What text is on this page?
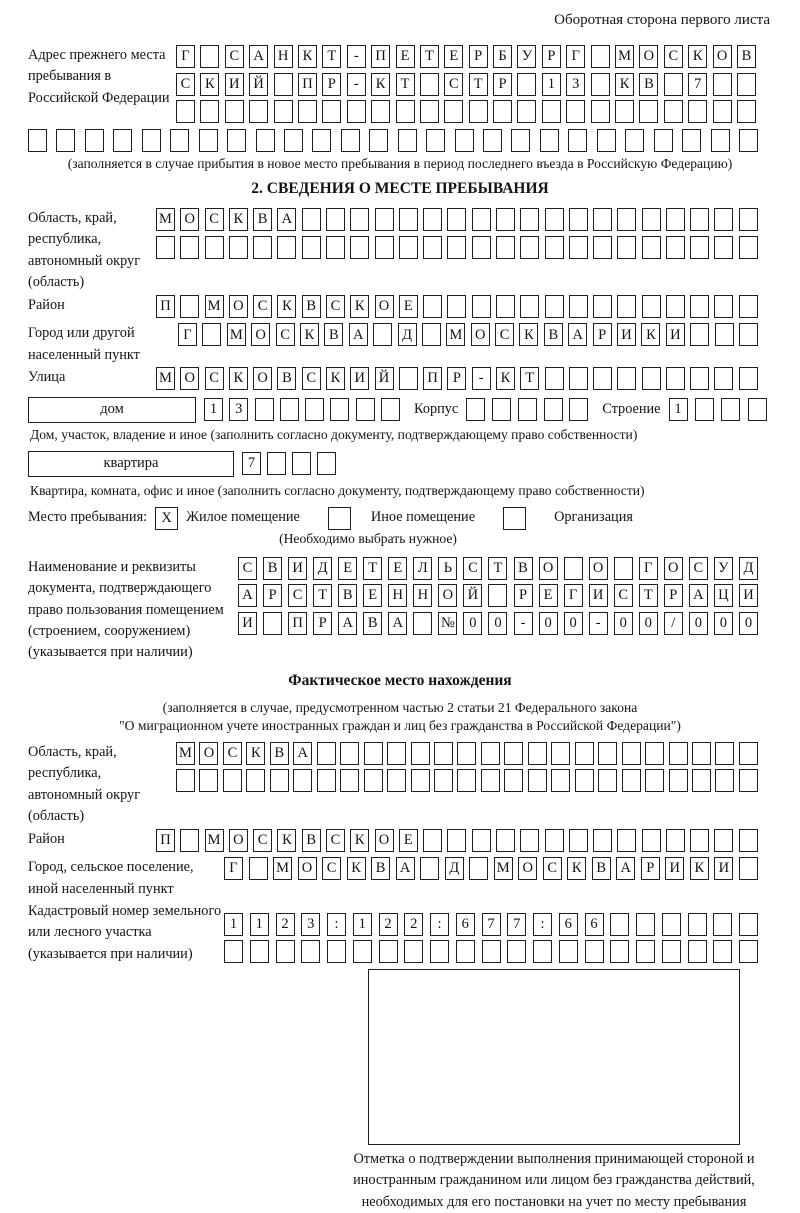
Оборотная сторона первого листа
Адрес прежнего места пребывания в Российской Федерации
Г	С А Н К	Т	-	П	Е	Т	Е	Р	Б	У	Р	Г	М О С	К О В
С	К И Й	П	Р	-	К	Т	С	Т	Р	1	3	К	В	7
(заполняется в случае прибытия в новое место пребывания в период последнего въезда в Российскую Федерацию)
2. СВЕДЕНИЯ О МЕСТЕ ПРЕБЫВАНИЯ
Область, край, республика, автономный округ (область)
М О С	К	В А
Район	П	М О С	К	В	С	К О	Е
Город или другой населенный пункт
Г	М О С	К	В А	Д	М О С	К	В А	Р	И К И
Улица	М О С	К О В	С	К И Й	П	Р	-	К	Т
дом	1	3	Корпус	Строение 1
Дом, участок, владение и иное (заполнить согласно документу, подтверждающему право собственности)
квартира	7
Квартира, комната, офис и иное (заполнить согласно документу, подтверждающему право собственности)
Место пребывания: X Жилое помещение	Иное помещение	Организация
(Необходимо выбрать нужное)
Наименование и реквизиты документа, подтверждающего право пользования помещением (строением, сооружением) (указывается при наличии)
С	В	И	Д	Е	Т	Е	Л	Ь	С	Т	В	О	О	Г	О	С	У	Д
А	Р	С	Т	В	Е	Н Н О Й	Р	Е	Г	И	С	Т	Р	А Ц И
И	П	Р	А	В	А	№	0	0	-	0	0	-	0	0	/	0	0	0
Фактическое место нахождения
(заполняется в случае, предусмотренном частью 2 статьи 21 Федерального закона
"О миграционном учете иностранных граждан и лиц без гражданства в Российской Федерации")
Область, край, республика, автономный округ (область)
М О С К В А
Район	П	М О С	К	В	С	К О	Е
Город, сельское поселение, иной населенный пункт
Г	М О С	К	В А	Д	М О С	К	В А	Р	И К И
Кадастровый номер земельного или лесного участка (указывается при наличии)
1	1	2	3	:	1	2	2	:	6	7	7	:	6	6
Отметка о подтверждении выполнения принимающей стороной и иностранным гражданином или лицом без гражданства действий, необходимых для его постановки на учет по месту пребывания
